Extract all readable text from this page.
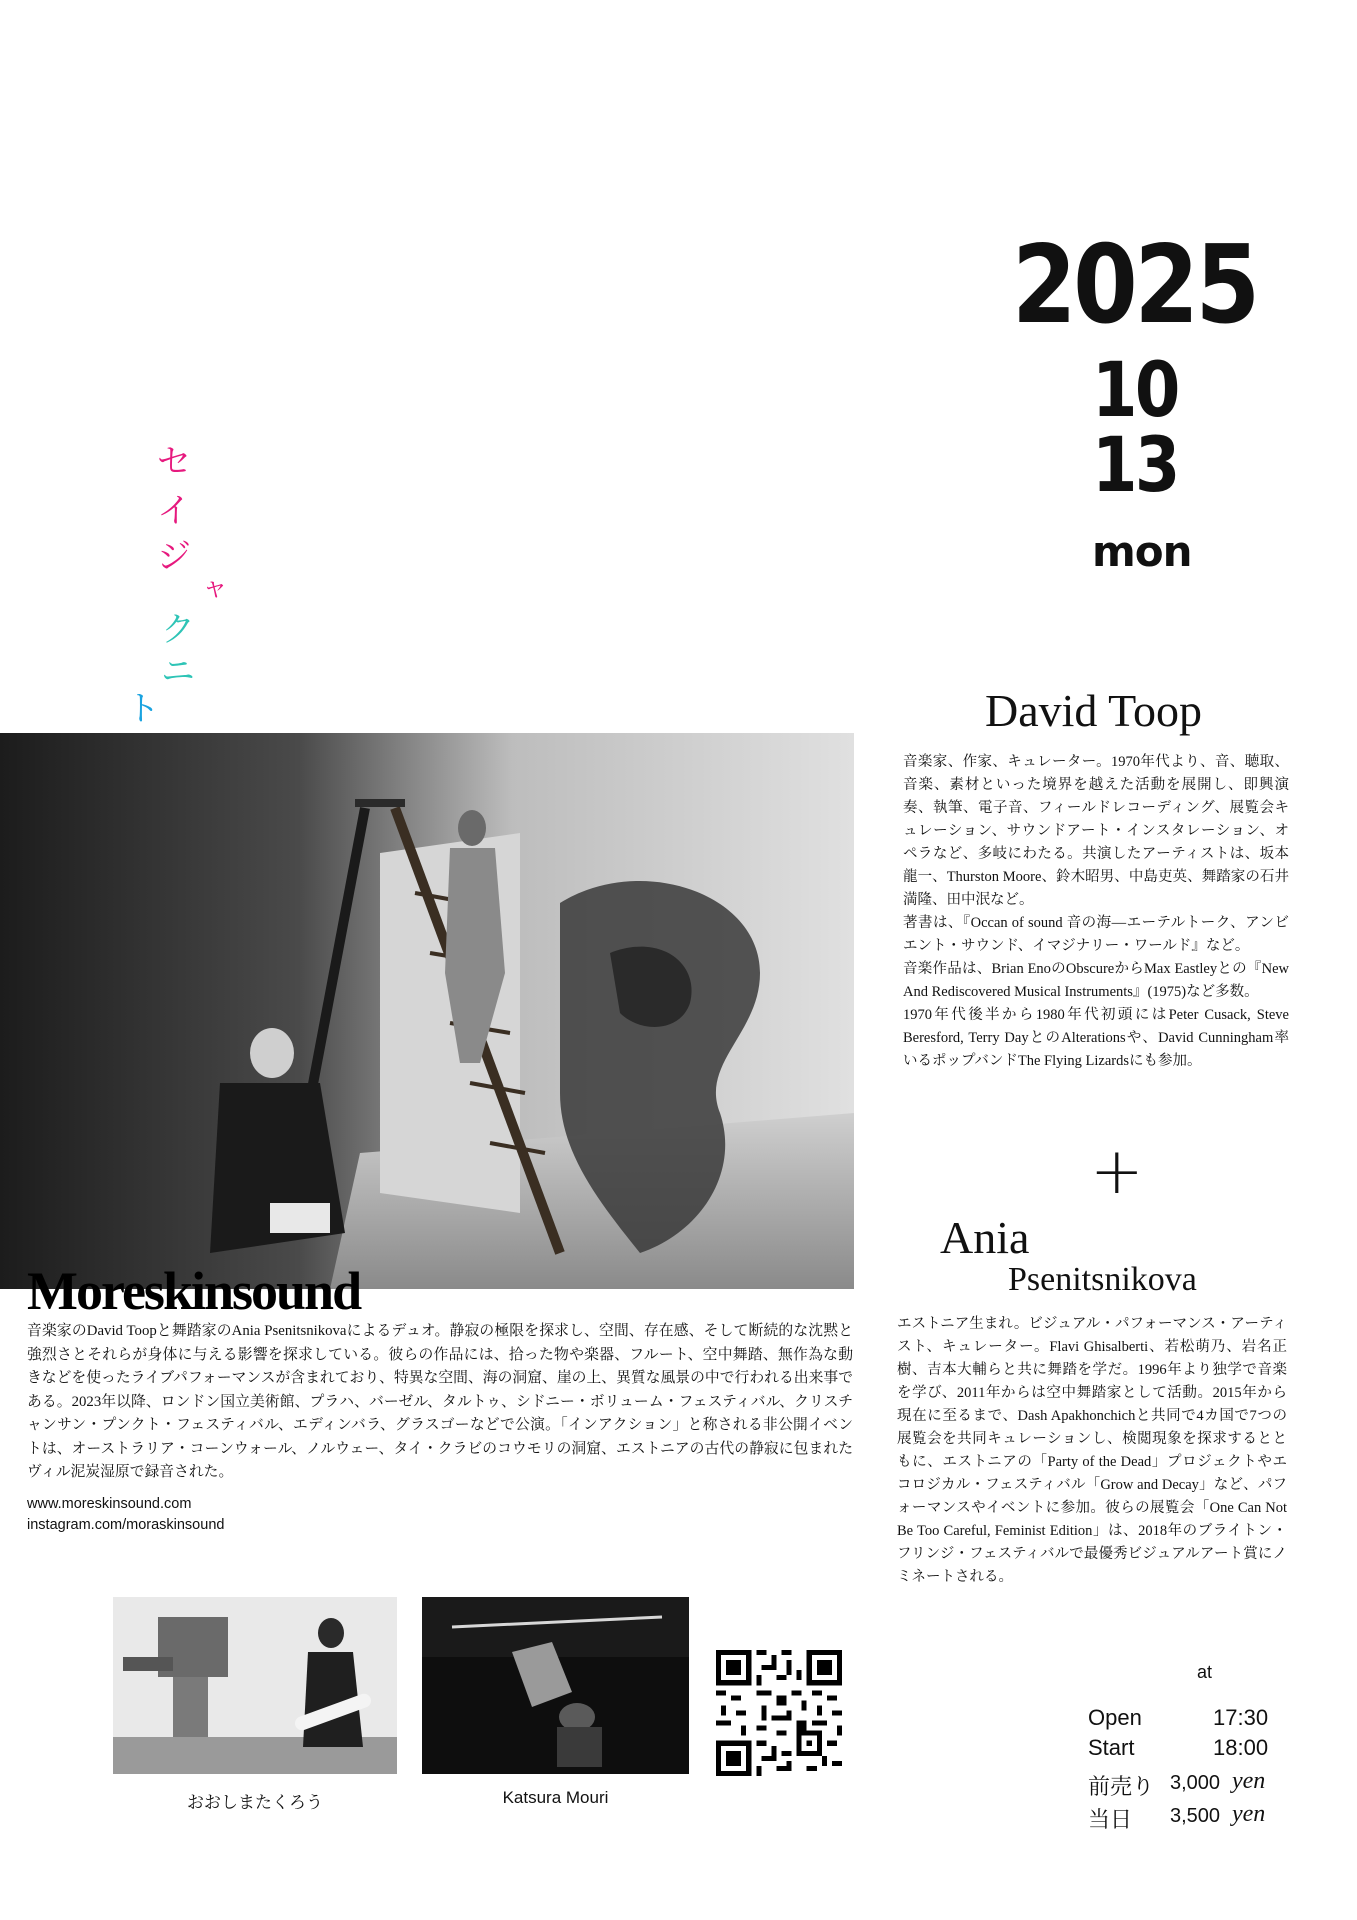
2025
10
13
mon
セ
イ
ジ
ャ
ク
ニ
ト	David Toop
音楽家、作家、キュレーター。1970年代より、音、聴取、音楽、素材といった境界を越えた活動を展開し、即興演奏、執筆、電子音、フィールドレコーディング、展覧会キュレーション、サウンドアート・インスタレーション、オペラなど、多岐にわたる。共演したアーティストは、坂本龍一、Thurston Moore、鈴木昭男、中島吏英、舞踏家の石井満隆、田中泯など。
著書は、『Occan of sound 音の海―エーテルトーク、アンビエント・サウンド、イマジナリー・ワールド』など。
音楽作品は、Brian EnoのObscureからMax Eastleyとの『New And Rediscovered Musical Instruments』(1975)など多数。
1970年代後半から1980年代初頭にはPeter Cusack, Steve Beresford, Terry DayとのAlterationsや、David Cunningham率いるポップバンドThe Flying Lizardsにも参加。
+
Ania
Psenitsnikova
エストニア生まれ。ビジュアル・パフォーマンス・アーティスト、キュレーター。Flavi Ghisalberti、若松萌乃、岩名正樹、吉本大輔らと共に舞踏を学だ。1996年より独学で音楽を学び、2011年からは空中舞踏家として活動。2015年から現在に至るまで、Dash Apakhonchichと共同で4カ国で7つの展覧会を共同キュレーションし、検閲現象を探求するとともに、エストニアの「Party of the Dead」プロジェクトやエコロジカル・フェスティバル「Grow and Decay」など、パフォーマンスやイベントに参加。彼らの展覧会「One Can Not Be Too Careful, Feminist Edition」は、2018年のブライトン・フリンジ・フェスティバルで最優秀ビジュアルアート賞にノミネートされる。
Moreskinsound
音楽家のDavid Toopと舞踏家のAnia Psenitsnikovaによるデュオ。静寂の極限を探求し、空間、存在感、そして断続的な沈黙と強烈さとそれらが身体に与える影響を探求している。彼らの作品には、拾った物や楽器、フルート、空中舞踏、無作為な動きなどを使ったライブパフォーマンスが含まれており、特異な空間、海の洞窟、崖の上、異質な風景の中で行われる出来事である。2023年以降、ロンドン国立美術館、プラハ、バーゼル、タルトゥ、シドニー・ボリューム・フェスティバル、クリスチャンサン・プンクト・フェスティバル、エディンバラ、グラスゴーなどで公演。「インアクション」と称される非公開イベントは、オーストラリア・コーンウォール、ノルウェー、タイ・クラビのコウモリの洞窟、エストニアの古代の静寂に包まれたヴィル泥炭湿原で録音された。
www.moreskinsound.com
instagram.com/moraskinsound
おおしまたくろう	Katsura Mouri
at
Open	17:30
Start	18:00
前売り 3,000 yen
当日 3,500 yen
